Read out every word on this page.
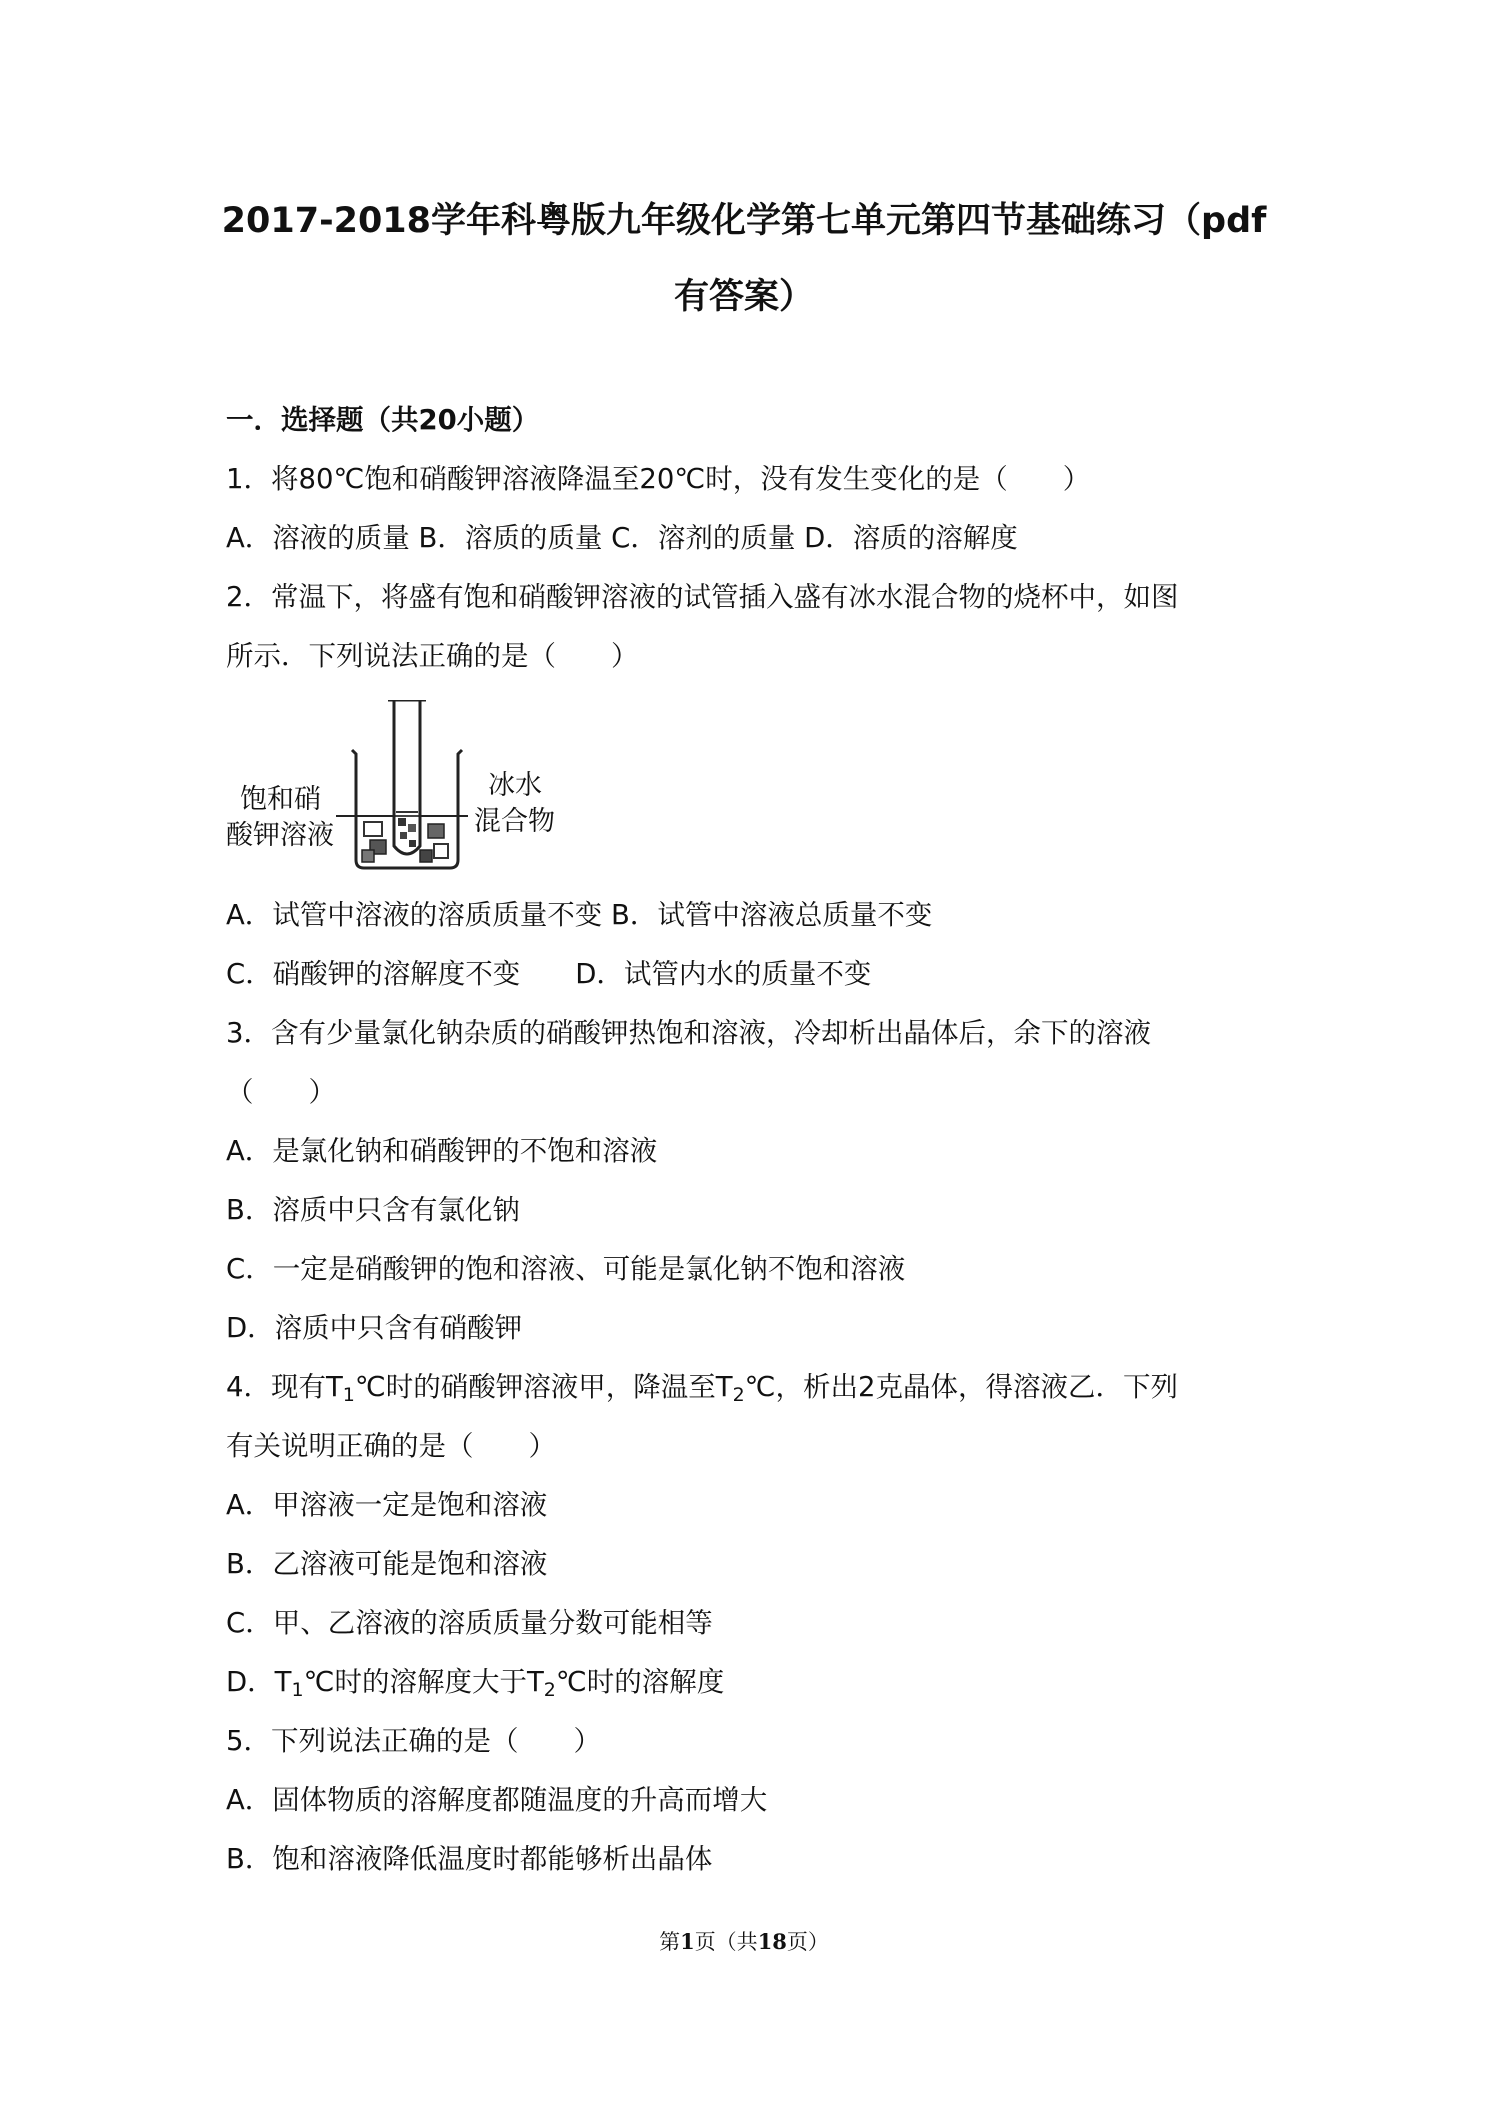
2017-2018学年科粤版九年级化学第七单元第四节基础练习（pdf
有答案）
一．选择题（共20小题）
1．将80℃饱和硝酸钾溶液降温至20℃时，没有发生变化的是（　　）
A．溶液的质量 B．溶质的质量 C．溶剂的质量 D．溶质的溶解度
2．常温下，将盛有饱和硝酸钾溶液的试管插入盛有冰水混合物的烧杯中，如图
所示．下列说法正确的是（　　）
饱和硝
酸钾溶液
冰水
混合物
A．试管中溶液的溶质质量不变 B．试管中溶液总质量不变
C．硝酸钾的溶解度不变　　D．试管内水的质量不变
3．含有少量氯化钠杂质的硝酸钾热饱和溶液，冷却析出晶体后，余下的溶液
（　　）
A．是氯化钠和硝酸钾的不饱和溶液
B．溶质中只含有氯化钠
C．一定是硝酸钾的饱和溶液、可能是氯化钠不饱和溶液
D．溶质中只含有硝酸钾
4．现有$T_1℃$时的硝酸钾溶液甲，降温至$T_2℃$，析出2克晶体，得溶液乙．下列
有关说明正确的是（　　）
A．甲溶液一定是饱和溶液
B．乙溶液可能是饱和溶液
C．甲、乙溶液的溶质质量分数可能相等
D．$T_1℃$时的溶解度大于$T_2℃$时的溶解度
5．下列说法正确的是（　　）
A．固体物质的溶解度都随温度的升高而增大
B．饱和溶液降低温度时都能够析出晶体
第1页（共18页）
